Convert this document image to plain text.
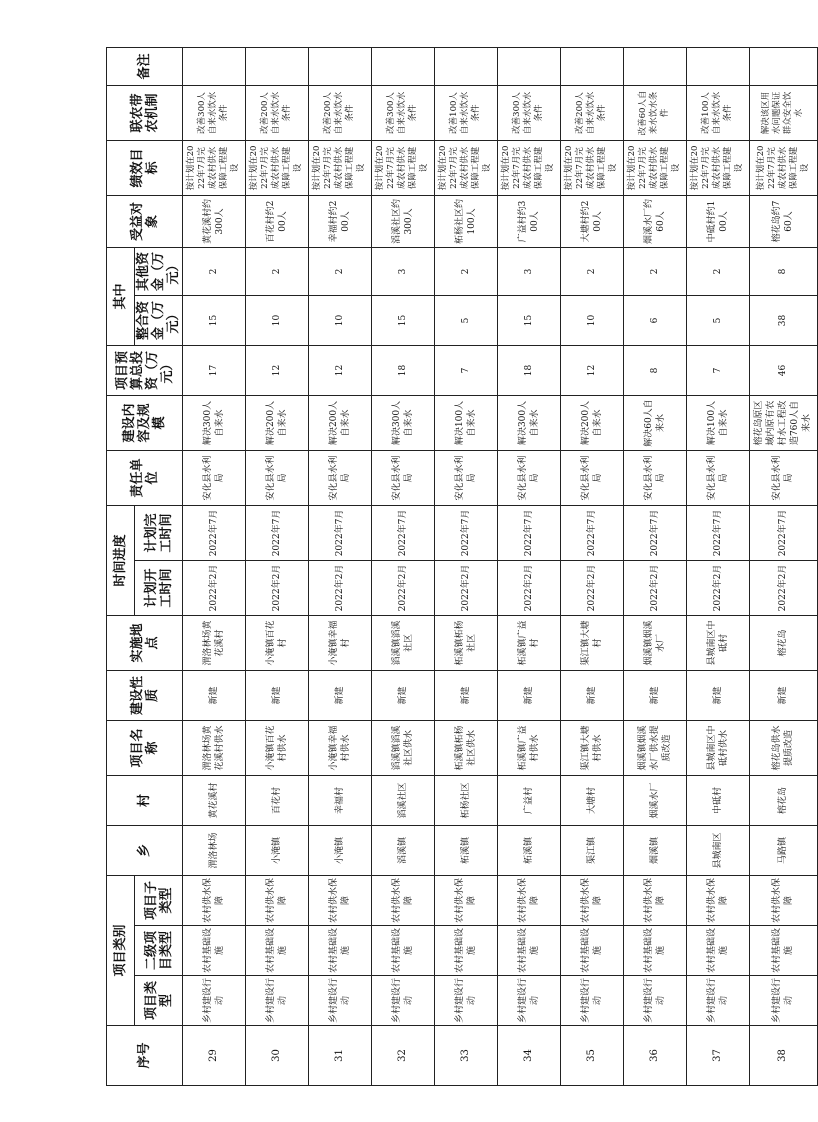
序号	项目类别			乡	村	项目名称	建设性质	实施地点	时间进度		责任单位	建设内容及规模	项目预算总投资（万元）	其中		受益对象	绩效目标	联农带农机制	备注
	项目类型	二级项目类型	项目子类型						计划开工时间	计划完工时间				整合资金（万元）	其他资金（万元）				
29	乡村建设行动	农村基础设施	农村供水保障	渭洛林场	黄花溪村	渭洛林场黄花溪村供水	新建	渭洛林场黄花溪村	2022年2月	2022年7月	安化县水利局	解决300人自来水	17	15	2	黄花溪村约300人	按计划在2022年7月完成农村供水保障工程建设	改善300人自来水饮水条件	
30	乡村建设行动	农村基础设施	农村供水保障	小淹镇	百花村	小淹镇百花村供水	新建	小淹镇百花村	2022年2月	2022年7月	安化县水利局	解决200人自来水	12	10	2	百花村约200人	按计划在2022年7月完成农村供水保障工程建设	改善200人自来水饮水条件	
31	乡村建设行动	农村基础设施	农村供水保障	小淹镇	幸福村	小淹镇幸福村供水	新建	小淹镇幸福村	2022年2月	2022年7月	安化县水利局	解决200人自来水	12	10	2	幸福村约200人	按计划在2022年7月完成农村供水保障工程建设	改善200人自来水饮水条件	
32	乡村建设行动	农村基础设施	农村供水保障	滔溪镇	滔溪社区	滔溪镇滔溪社区供水	新建	滔溪镇滔溪社区	2022年2月	2022年7月	安化县水利局	解决300人自来水	18	15	3	滔溪社区约300人	按计划在2022年7月完成农村供水保障工程建设	改善300人自来水饮水条件	
33	乡村建设行动	农村基础设施	农村供水保障	柘溪镇	柘杨社区	柘溪镇柘杨社区供水	新建	柘溪镇柘杨社区	2022年2月	2022年7月	安化县水利局	解决100人自来水	7	5	2	柘杨社区约100人	按计划在2022年7月完成农村供水保障工程建设	改善100人自来水饮水条件	
34	乡村建设行动	农村基础设施	农村供水保障	柘溪镇	广益村	柘溪镇广益村供水	新建	柘溪镇广益村	2022年2月	2022年7月	安化县水利局	解决300人自来水	18	15	3	广益村约300人	按计划在2022年7月完成农村供水保障工程建设	改善300人自来水饮水条件	
35	乡村建设行动	农村基础设施	农村供水保障	渠江镇	大塘村	渠江镇大塘村供水	新建	渠江镇大塘村	2022年2月	2022年7月	安化县水利局	解决200人自来水	12	10	2	大塘村约200人	按计划在2022年7月完成农村供水保障工程建设	改善200人自来水饮水条件	
36	乡村建设行动	农村基础设施	农村供水保障	烟溪镇	烟溪水厂	烟溪镇烟溪水厂供水提质改造	新建	烟溪镇烟溪水厂	2022年2月	2022年7月	安化县水利局	解决60人自来水	8	6	2	烟溪水厂约60人	按计划在2022年7月完成农村供水保障工程建设	改善60人自来水饮水条件	
37	乡村建设行动	农村基础设施	农村供水保障	县城南区	中砥村	县城南区中砥村供水	新建	县城南区中砥村	2022年2月	2022年7月	安化县水利局	解决100人自来水	7	5	2	中砥村约100人	按计划在2022年7月完成农村供水保障工程建设	改善100人自来水饮水条件	
38	乡村建设行动	农村基础设施	农村供水保障	马路镇	榕花岛	榕花岛供水提质改造	新建	榕花岛	2022年2月	2022年7月	安化县水利局	榕花岛原区域内原有农村水工程改造760人自来水	46	38	8	榕花岛约760人	按计划在2022年7月完成农村供水保障工程建设	解决该区用水问题保证群众安全饮水	
